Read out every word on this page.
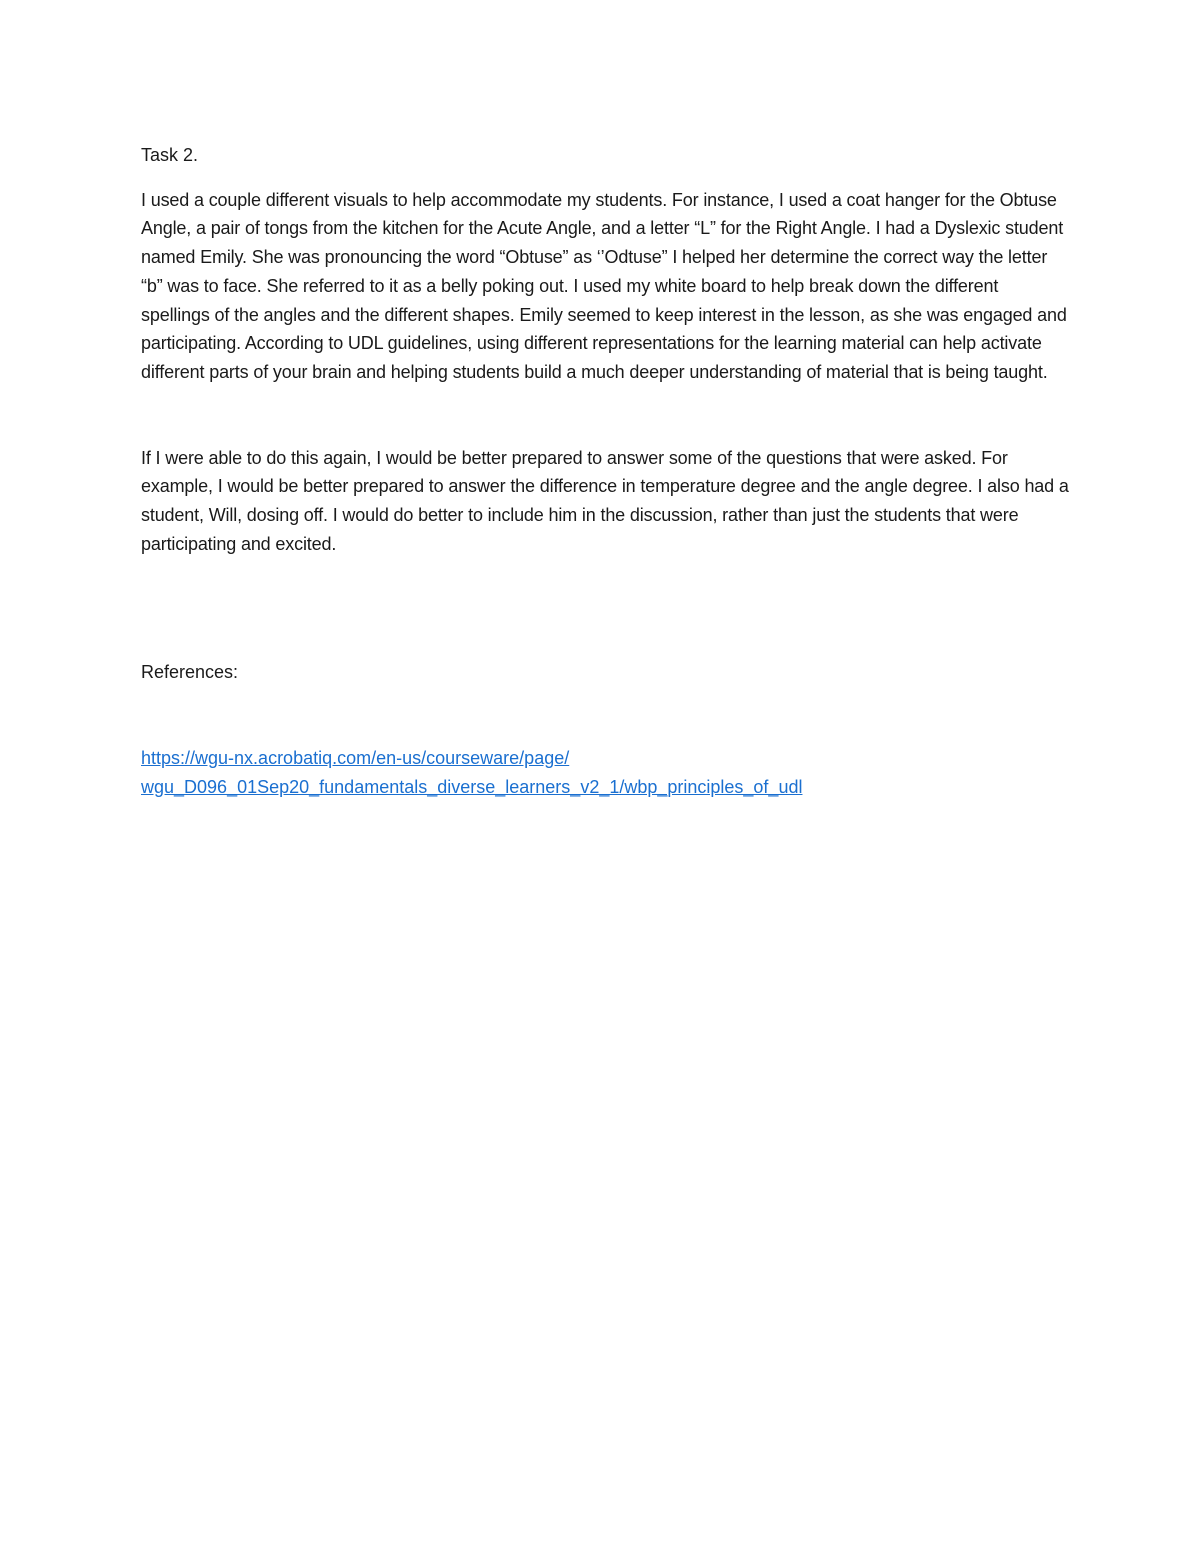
Task 2.

I used a couple different visuals to help accommodate my students. For instance, I used a coat hanger for the Obtuse Angle, a pair of tongs from the kitchen for the Acute Angle, and a letter “L” for the Right Angle. I had a Dyslexic student named Emily. She was pronouncing the word “Obtuse” as ‘’Odtuse” I helped her determine the correct way the letter “b” was to face. She referred to it as a belly poking out. I used my white board to help break down the different spellings of the angles and the different shapes. Emily seemed to keep interest in the lesson, as she was engaged and participating. According to UDL guidelines, using different representations for the learning material can help activate different parts of your brain and helping students build a much deeper understanding of material that is being taught.

If I were able to do this again, I would be better prepared to answer some of the questions that were asked. For example, I would be better prepared to answer the difference in temperature degree and the angle degree. I also had a student, Will, dosing off. I would do better to include him in the discussion, rather than just the students that were participating and excited.

References:

https://wgu-nx.acrobatiq.com/en-us/courseware/page/
wgu_D096_01Sep20_fundamentals_diverse_learners_v2_1/wbp_principles_of_udl
